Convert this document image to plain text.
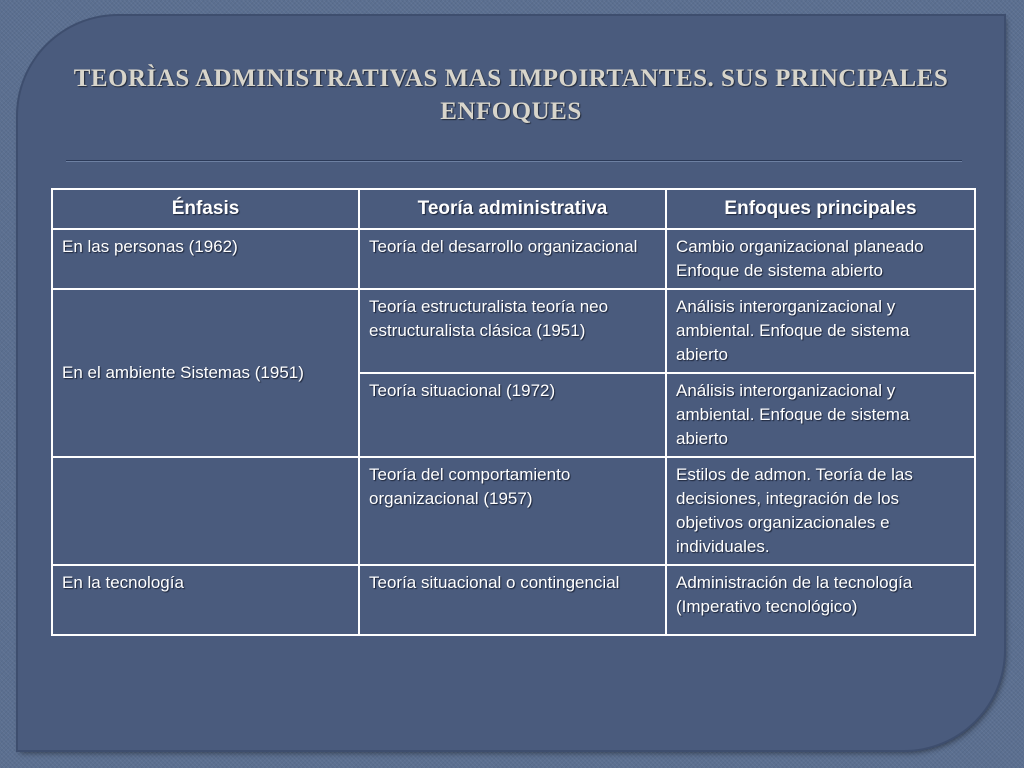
TEORÌAS ADMINISTRATIVAS MAS IMPOIRTANTES. SUS PRINCIPALES ENFOQUES
Énfasis	Teoría administrativa	Enfoques principales
En las personas (1962)	Teoría del desarrollo organizacional	Cambio organizacional planeado Enfoque de sistema abierto
En el ambiente Sistemas (1951)	Teoría estructuralista teoría neo estructuralista clásica (1951)	Análisis interorganizacional y ambiental. Enfoque de sistema abierto
	Teoría situacional (1972)	Análisis interorganizacional y ambiental. Enfoque de sistema abierto
	Teoría del comportamiento organizacional (1957)	Estilos de admon. Teoría de las decisiones, integración de los objetivos organizacionales e individuales.
En la tecnología	Teoría situacional o contingencial	Administración de la tecnología (Imperativo tecnológico)
